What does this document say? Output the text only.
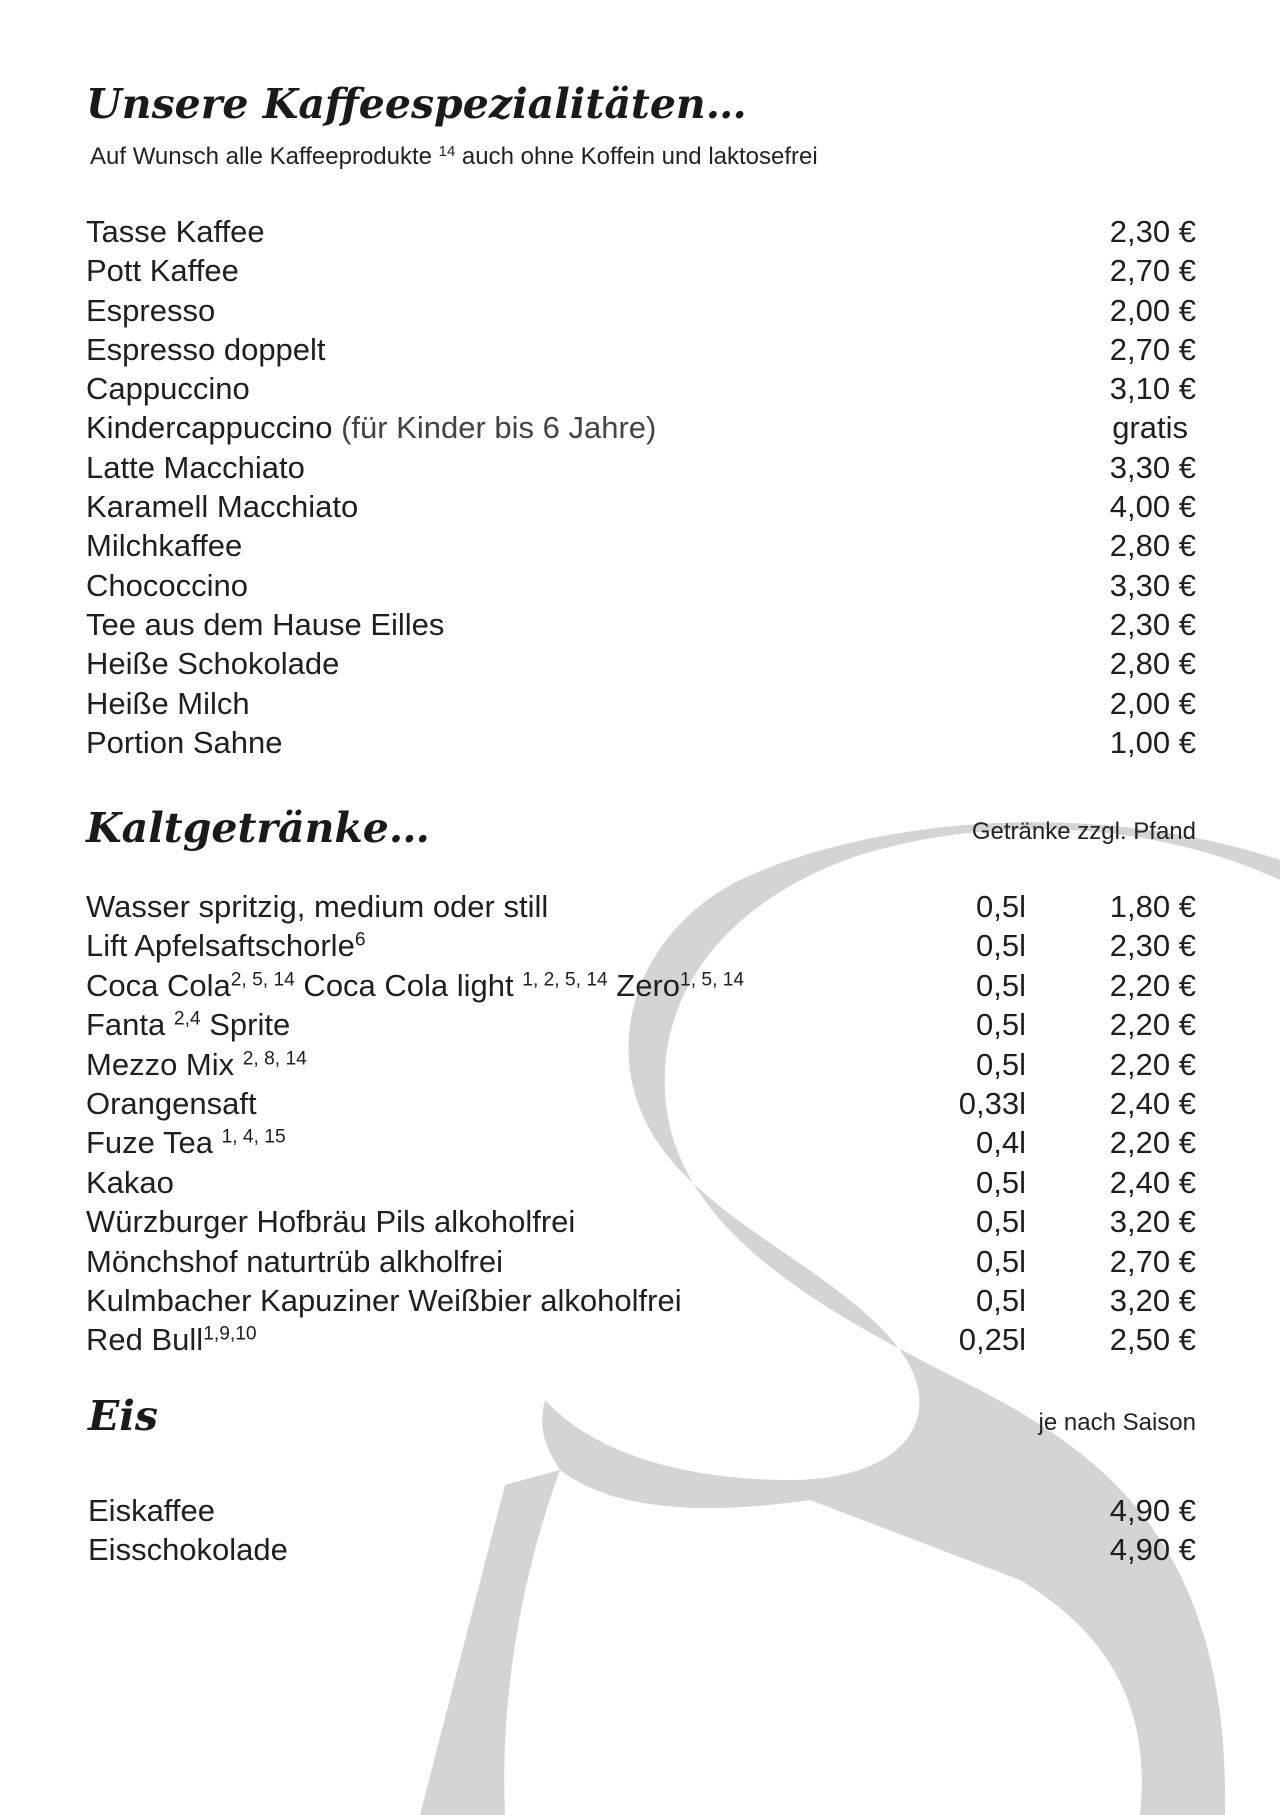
Unsere Kaffeespezialitäten…
Auf Wunsch alle Kaffeeprodukte $^{14}$ auch ohne Koffein und laktosefrei
Tasse Kaffee	2,30 €
Pott Kaffee	2,70 €
Espresso	2,00 €
Espresso doppelt	2,70 €
Cappuccino	3,10 €
Kindercappuccino (für Kinder bis 6 Jahre)	gratis
Latte Macchiato	3,30 €
Karamell Macchiato	4,00 €
Milchkaffee	2,80 €
Chococcino	3,30 €
Tee aus dem Hause Eilles	2,30 €
Heiße Schokolade	2,80 €
Heiße Milch	2,00 €
Portion Sahne	1,00 €
Kaltgetränke…	Getränke zzgl. Pfand
Wasser spritzig, medium oder still	0,5l	1,80 €
Lift Apfelsaftschorle$^6$	0,5l	2,30 €
Coca Cola$^{2, 5, 14}$ Coca Cola light $^{1, 2, 5, 14}$ Zero$^{1, 5, 14}$	0,5l	2,20 €
Fanta $^{2,4}$ Sprite	0,5l	2,20 €
Mezzo Mix $^{2, 8, 14}$	0,5l	2,20 €
Orangensaft	0,33l	2,40 €
Fuze Tea $^{1, 4, 15}$	0,4l	2,20 €
Kakao	0,5l	2,40 €
Würzburger Hofbräu Pils alkoholfrei	0,5l	3,20 €
Mönchshof naturtrüb alkholfrei	0,5l	2,70 €
Kulmbacher Kapuziner Weißbier alkoholfrei	0,5l	3,20 €
Red Bull$^{1,9,10}$	0,25l	2,50 €
Eis	je nach Saison
Eiskaffee	4,90 €
Eisschokolade	4,90 €
